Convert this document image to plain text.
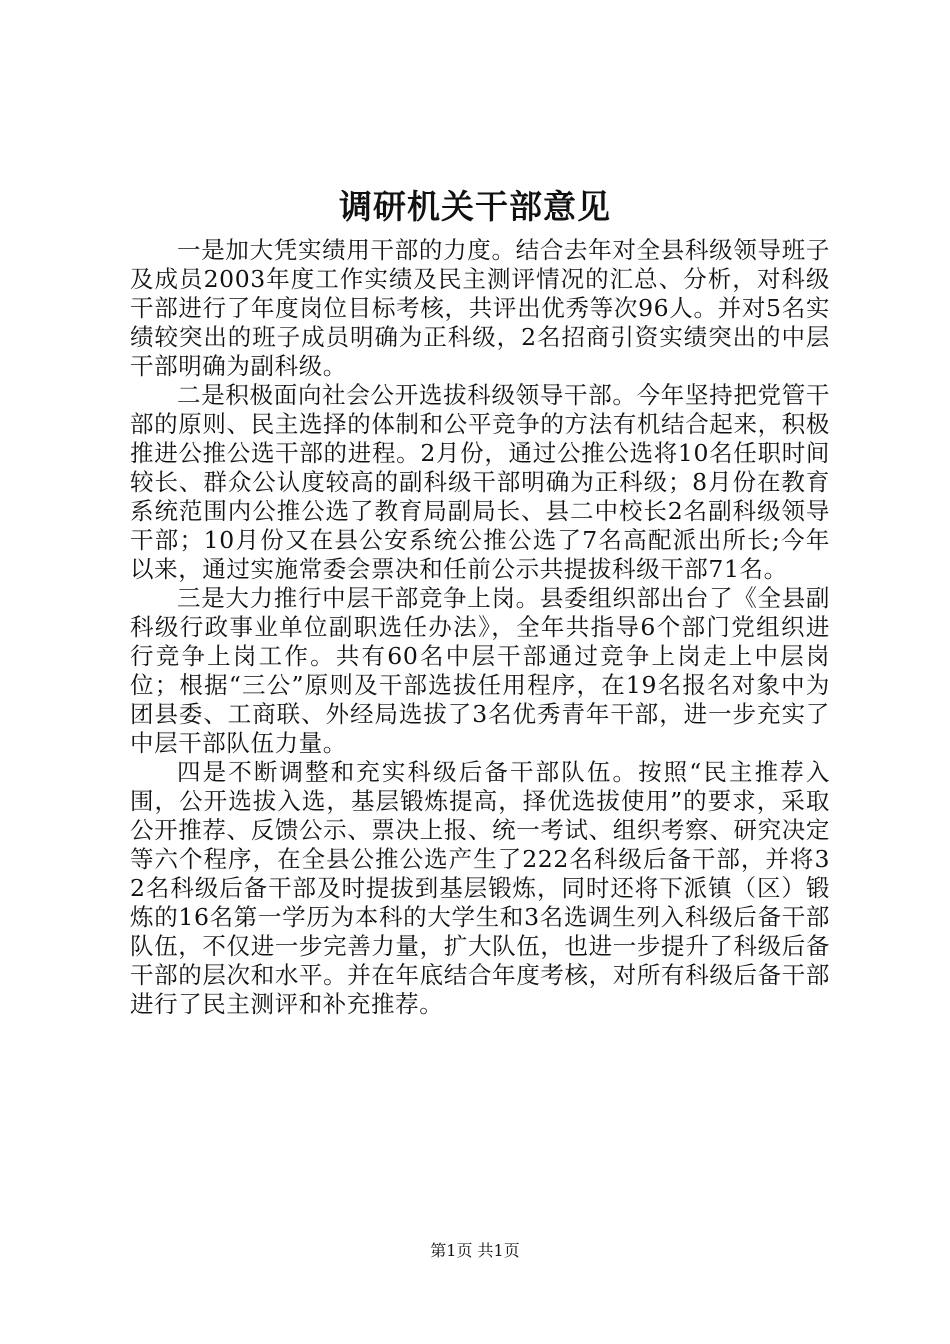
调研机关干部意见

一是加大凭实绩用干部的力度。结合去年对全县科级领导班子及成员2003年度工作实绩及民主测评情况的汇总、分析，对科级干部进行了年度岗位目标考核，共评出优秀等次96人。并对5名实绩较突出的班子成员明确为正科级，2名招商引资实绩突出的中层干部明确为副科级。

二是积极面向社会公开选拔科级领导干部。今年坚持把党管干部的原则、民主选择的体制和公平竞争的方法有机结合起来，积极推进公推公选干部的进程。2月份，通过公推公选将10名任职时间较长、群众公认度较高的副科级干部明确为正科级；8月份在教育系统范围内公推公选了教育局副局长、县二中校长2名副科级领导干部；10月份又在县公安系统公推公选了7名高配派出所长;今年以来，通过实施常委会票决和任前公示共提拔科级干部71名。

三是大力推行中层干部竞争上岗。县委组织部出台了《全县副科级行政事业单位副职选任办法》，全年共指导6个部门党组织进行竞争上岗工作。共有60名中层干部通过竞争上岗走上中层岗位；根据“三公”原则及干部选拔任用程序，在19名报名对象中为团县委、工商联、外经局选拔了3名优秀青年干部，进一步充实了中层干部队伍力量。

四是不断调整和充实科级后备干部队伍。按照“民主推荐入围，公开选拔入选，基层锻炼提高，择优选拔使用”的要求，采取公开推荐、反馈公示、票决上报、统一考试、组织考察、研究决定等六个程序，在全县公推公选产生了222名科级后备干部，并将32名科级后备干部及时提拔到基层锻炼，同时还将下派镇（区）锻炼的16名第一学历为本科的大学生和3名选调生列入科级后备干部队伍，不仅进一步完善力量，扩大队伍，也进一步提升了科级后备干部的层次和水平。并在年底结合年度考核，对所有科级后备干部进行了民主测评和补充推荐。

第1页 共1页
